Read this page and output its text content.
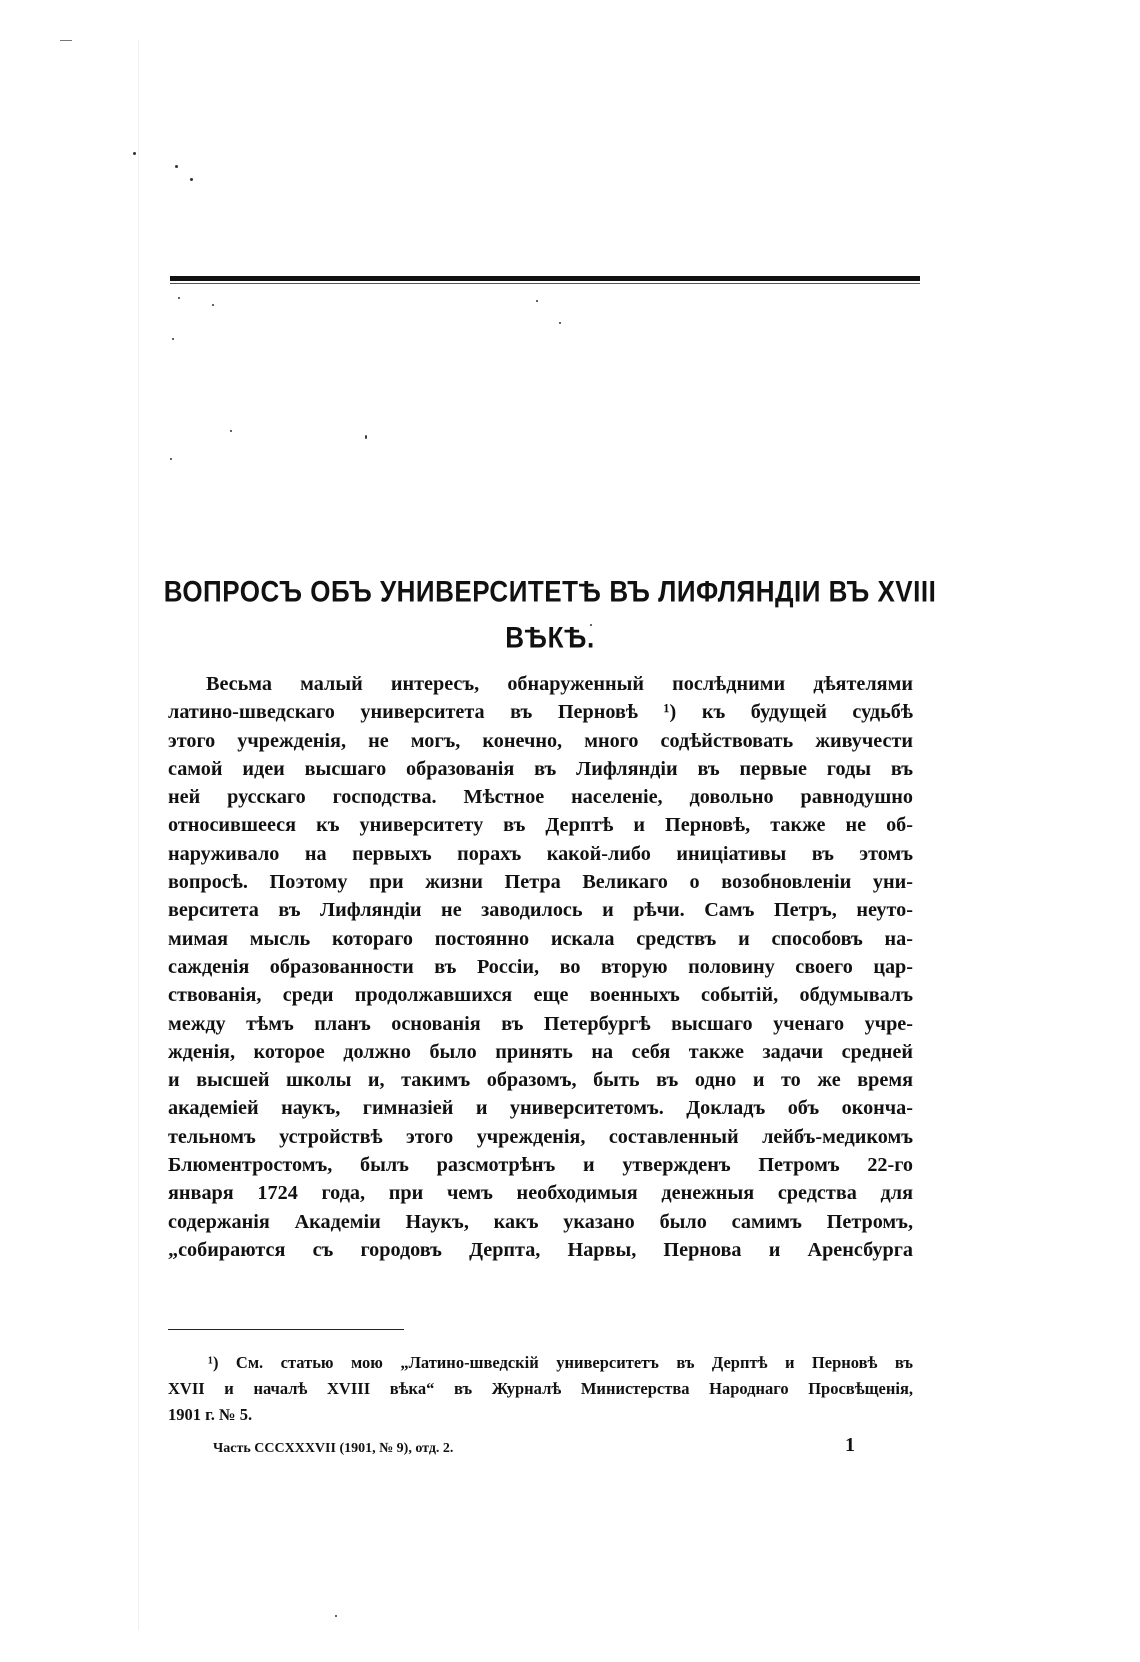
ВОПРОСЪ ОБЪ УНИВЕРСИТЕТѢ ВЪ ЛИФЛЯНДІИ ВЪ XVIII
ВѢКѢ.
Весьма малый интересъ, обнаруженный послѣдними дѣятелями
латино-шведскаго университета въ Перновѣ ¹) къ будущей судьбѣ
этого учрежденія, не могъ, конечно, много содѣйствовать живучести
самой идеи высшаго образованія въ Лифляндіи въ первые годы въ
ней русскаго господства. Мѣстное населеніе, довольно равнодушно
относившееся къ университету въ Дерптѣ и Перновѣ, также не об-
наруживало на первыхъ порахъ какой-либо иниціативы въ этомъ
вопросѣ. Поэтому при жизни Петра Великаго о возобновленіи уни-
верситета въ Лифляндіи не заводилось и рѣчи. Самъ Петръ, неуто-
мимая мысль котораго постоянно искала средствъ и способовъ на-
сажденія образованности въ Россіи, во вторую половину своего цар-
ствованія, среди продолжавшихся еще военныхъ событій, обдумывалъ
между тѣмъ планъ основанія въ Петербургѣ высшаго ученаго учре-
жденія, которое должно было принять на себя также задачи средней
и высшей школы и, такимъ образомъ, быть въ одно и то же время
академіей наукъ, гимназіей и университетомъ. Докладъ объ окончa-
тельномъ устройствѣ этого учрежденія, составленный лейбъ-медикомъ
Блюментростомъ, былъ разсмотрѣнъ и утвержденъ Петромъ 22-го
января 1724 года, при чемъ необходимыя денежныя средства для
содержанія Академіи Наукъ, какъ указано было самимъ Петромъ,
„собираются съ городовъ Дерпта, Нарвы, Пернова и Аренсбурга
¹) См. статью мою „Латино-шведскій университетъ въ Дерптѣ и Перновѣ въ
XVII и началѣ XVIII вѣка“ въ Журналѣ Министерства Народнаго Просвѣщенія,
1901 г. № 5.
Часть CCCXXXVII (1901, № 9), отд. 2.	1
